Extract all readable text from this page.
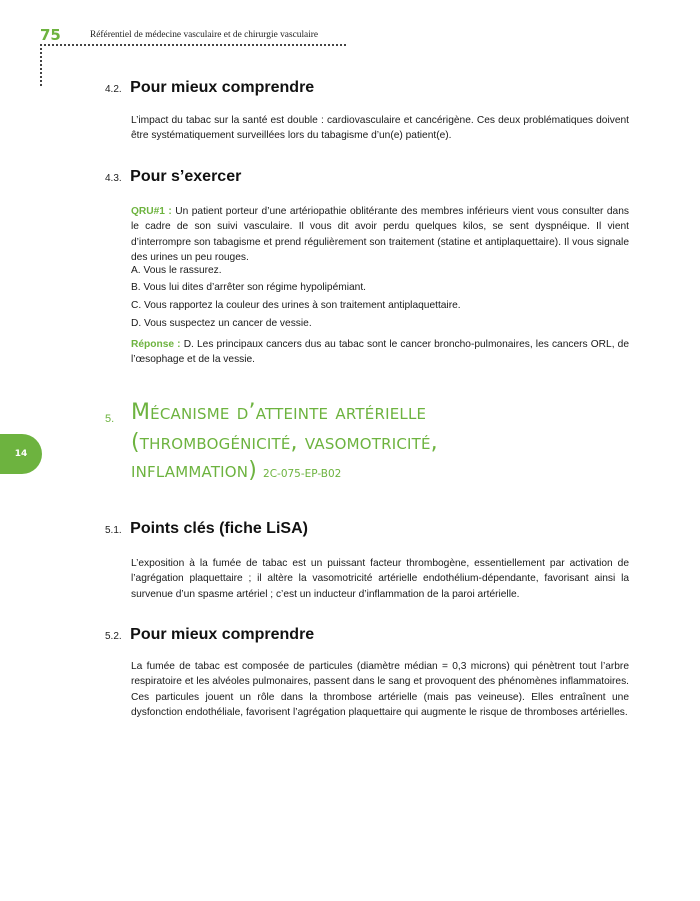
75	Référentiel de médecine vasculaire et de chirurgie vasculaire
14
4.2. Pour mieux comprendre

L’impact du tabac sur la santé est double : cardiovasculaire et cancérigène. Ces deux problématiques doivent être systématiquement surveillées lors du tabagisme d’un(e) patient(e).

4.3. Pour s’exercer

QRU#1 : Un patient porteur d’une artériopathie oblitérante des membres inférieurs vient vous consulter dans le cadre de son suivi vasculaire. Il vous dit avoir perdu quelques kilos, se sent dyspnéique. Il vient d’interrompre son tabagisme et prend régulièrement son traitement (statine et antiplaquettaire). Il vous signale des urines un peu rouges.

A. Vous le rassurez.
B. Vous lui dites d’arrêter son régime hypolipémiant.
C. Vous rapportez la couleur des urines à son traitement antiplaquettaire.
D. Vous suspectez un cancer de vessie.

Réponse : D. Les principaux cancers dus au tabac sont le cancer broncho-pulmonaires, les cancers ORL, de l’œsophage et de la vessie.

5. Mécanisme d’atteinte artérielle
(thrombogénicité, vasomotricité,
inflammation) 2C-075-EP-B02
5.1. Points clés (fiche LiSA)

L’exposition à la fumée de tabac est un puissant facteur thrombogène, essentiellement par activation de l’agrégation plaquettaire ; il altère la vasomotricité artérielle endothélium-dépendante, favorisant ainsi la survenue d’un spasme artériel ; c’est un inducteur d’inflammation de la paroi artérielle.

5.2. Pour mieux comprendre

La fumée de tabac est composée de particules (diamètre médian = 0,3 microns) qui pénètrent tout l’arbre respiratoire et les alvéoles pulmonaires, passent dans le sang et provoquent des phénomènes inflammatoires. Ces particules jouent un rôle dans la thrombose artérielle (mais pas veineuse). Elles entraînent une dysfonction endothéliale, favorisent l’agrégation plaquettaire qui augmente le risque de thromboses artérielles.
